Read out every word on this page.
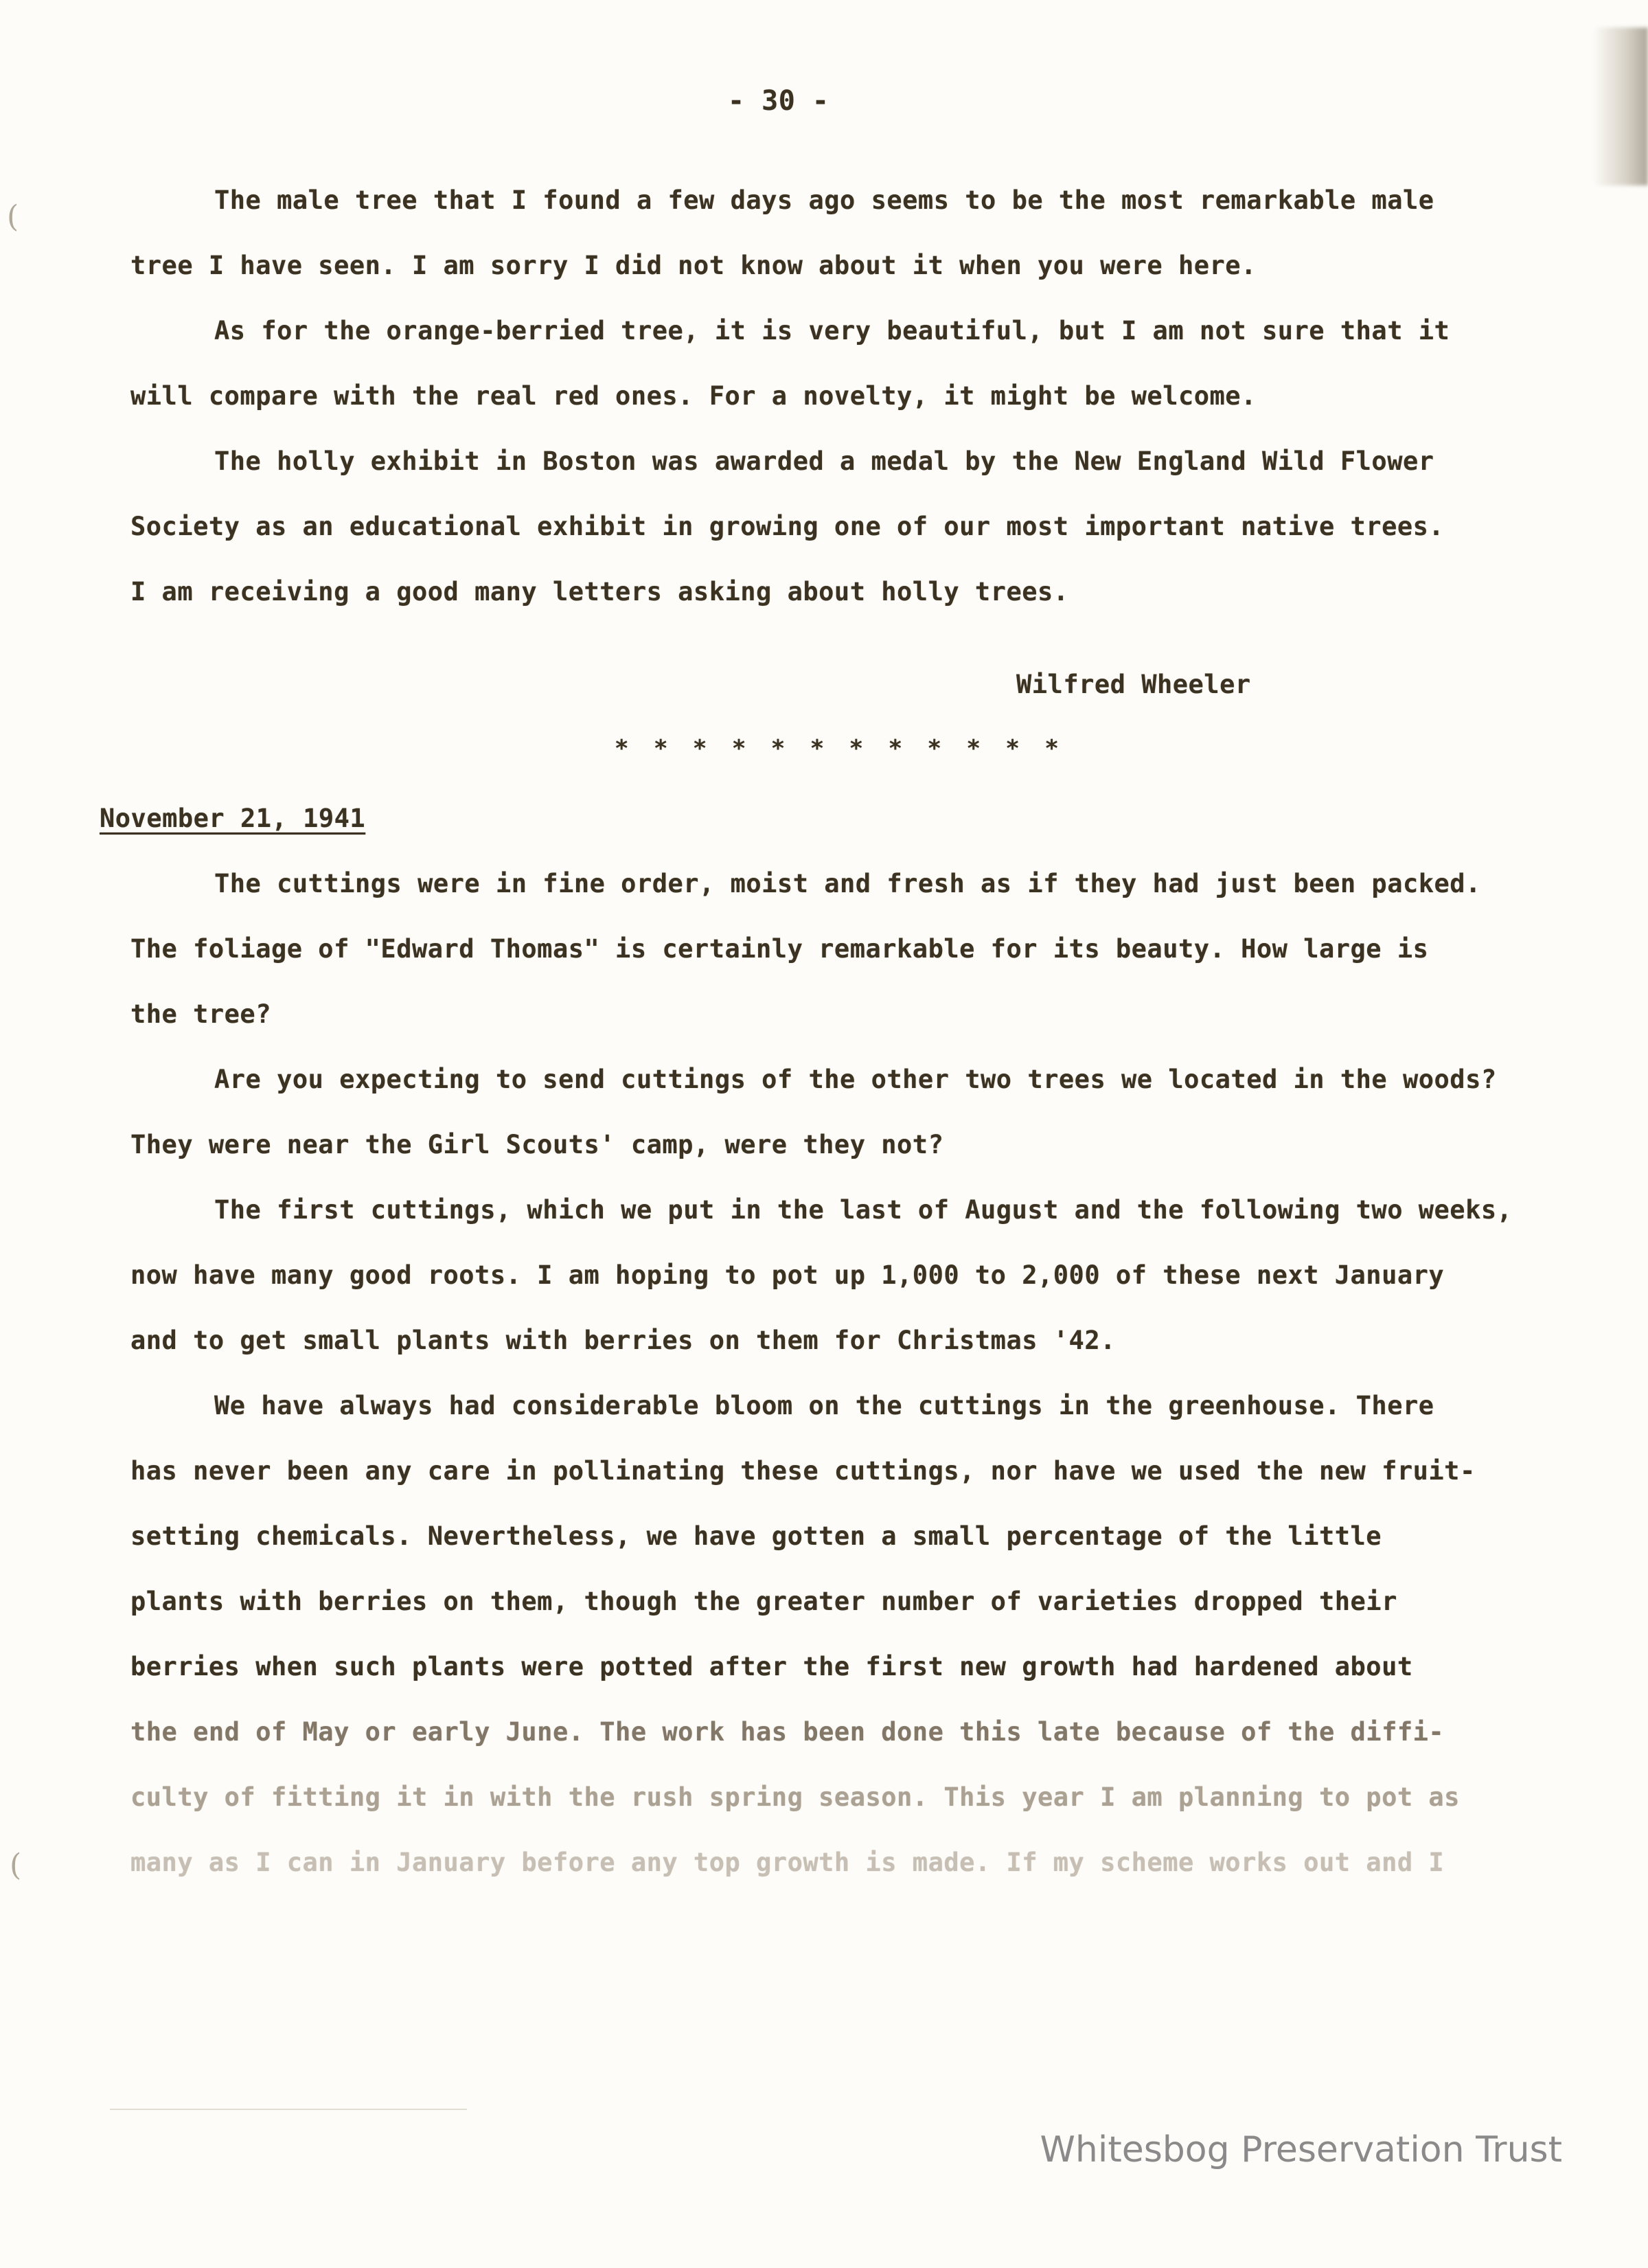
(
(
- 30 -
The male tree that I found a few days ago seems to be the most remarkable male
tree I have seen. I am sorry I did not know about it when you were here.
As for the orange-berried tree, it is very beautiful, but I am not sure that it
will compare with the real red ones. For a novelty, it might be welcome.
The holly exhibit in Boston was awarded a medal by the New England Wild Flower
Society as an educational exhibit in growing one of our most important native trees.
I am receiving a good many letters asking about holly trees.
Wilfred Wheeler
* * * * * * * * * * * *
November 21, 1941
The cuttings were in fine order, moist and fresh as if they had just been packed.
The foliage of "Edward Thomas" is certainly remarkable for its beauty. How large is
the tree?
Are you expecting to send cuttings of the other two trees we located in the woods?
They were near the Girl Scouts' camp, were they not?
The first cuttings, which we put in the last of August and the following two weeks,
now have many good roots. I am hoping to pot up 1,000 to 2,000 of these next January
and to get small plants with berries on them for Christmas '42.
We have always had considerable bloom on the cuttings in the greenhouse. There
has never been any care in pollinating these cuttings, nor have we used the new fruit-
setting chemicals. Nevertheless, we have gotten a small percentage of the little
plants with berries on them, though the greater number of varieties dropped their
berries when such plants were potted after the first new growth had hardened about
the end of May or early June. The work has been done this late because of the diffi-
culty of fitting it in with the rush spring season. This year I am planning to pot as
many as I can in January before any top growth is made. If my scheme works out and I
Whitesbog Preservation Trust
